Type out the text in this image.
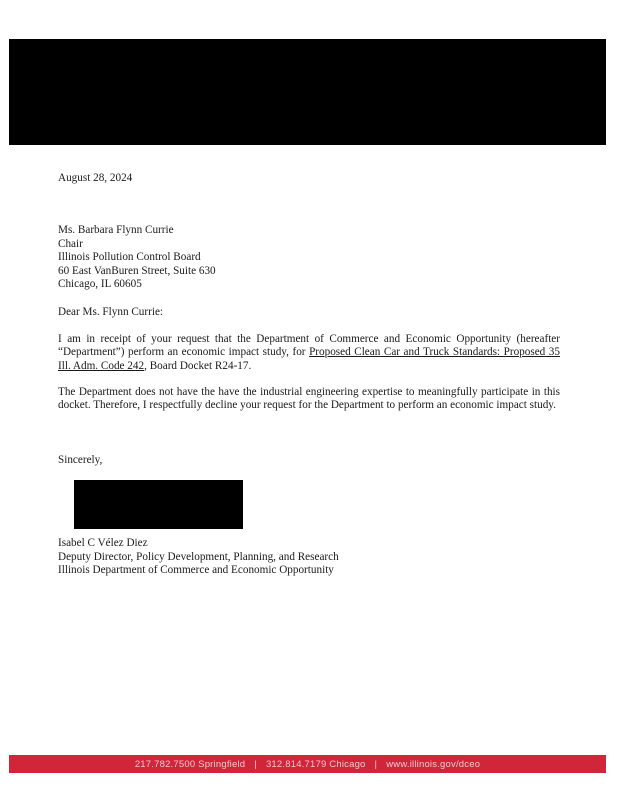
August 28, 2024
Ms. Barbara Flynn Currie
Chair
Illinois Pollution Control Board
60 East VanBuren Street, Suite 630
Chicago, IL 60605
Dear Ms. Flynn Currie:
I am in receipt of your request that the Department of Commerce and Economic Opportunity (hereafter “Department”) perform an economic impact study, for Proposed Clean Car and Truck Standards: Proposed 35 Ill. Adm. Code 242, Board Docket R24-17.
The Department does not have the have the industrial engineering expertise to meaningfully participate in this docket. Therefore, I respectfully decline your request for the Department to perform an economic impact study.
Sincerely,
Isabel C Vélez Diez
Deputy Director, Policy Development, Planning, and Research
Illinois Department of Commerce and Economic Opportunity
217.782.7500 Springfield | 312.814.7179 Chicago | www.illinois.gov/dceo
